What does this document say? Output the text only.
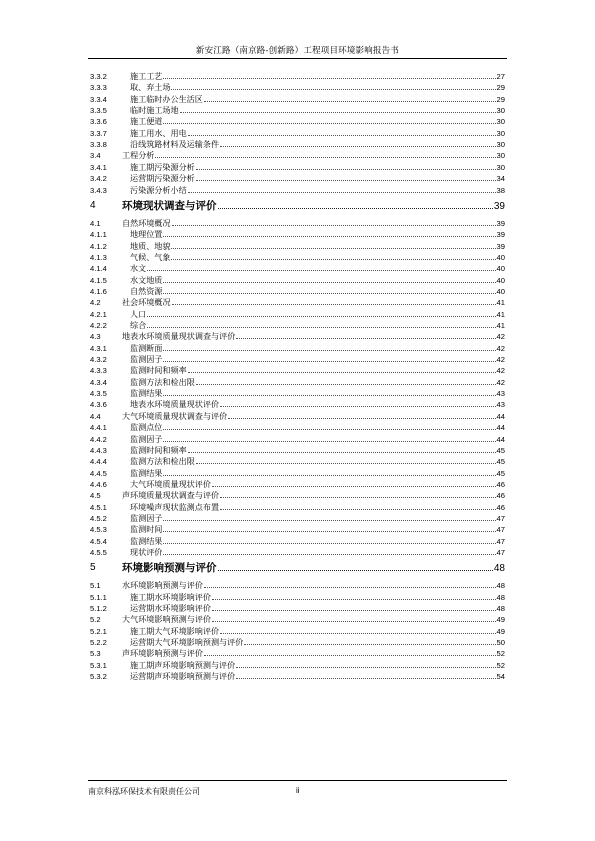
新安江路（南京路-创新路）工程项目环境影响报告书
3.3.2	施工工艺	27
3.3.3	取、弃土场	29
3.3.4	施工临时办公生活区	29
3.3.5	临时施工场地	30
3.3.6	施工便道	30
3.3.7	施工用水、用电	30
3.3.8	沿线筑路材料及运输条件	30
3.4	工程分析	30
3.4.1	施工期污染源分析	30
3.4.2	运营期污染源分析	34
3.4.3	污染源分析小结	38
4	环境现状调查与评价	39
4.1	自然环境概况	39
4.1.1	地理位置	39
4.1.2	地质、地貌	39
4.1.3	气候、气象	40
4.1.4	水文	40
4.1.5	水文地质	40
4.1.6	自然资源	40
4.2	社会环境概况	41
4.2.1	人口	41
4.2.2	综合	41
4.3	地表水环境质量现状调查与评价	42
4.3.1	监测断面	42
4.3.2	监测因子	42
4.3.3	监测时间和频率	42
4.3.4	监测方法和检出限	42
4.3.5	监测结果	43
4.3.6	地表水环境质量现状评价	43
4.4	大气环境质量现状调查与评价	44
4.4.1	监测点位	44
4.4.2	监测因子	44
4.4.3	监测时间和频率	45
4.4.4	监测方法和检出限	45
4.4.5	监测结果	45
4.4.6	大气环境质量现状评价	46
4.5	声环境质量现状调查与评价	46
4.5.1	环境噪声现状监测点布置	46
4.5.2	监测因子	47
4.5.3	监测时间	47
4.5.4	监测结果	47
4.5.5	现状评价	47
5	环境影响预测与评价	48
5.1	水环境影响预测与评价	48
5.1.1	施工期水环境影响评价	48
5.1.2	运营期水环境影响评价	48
5.2	大气环境影响预测与评价	49
5.2.1	施工期大气环境影响评价	49
5.2.2	运营期大气环境影响预测与评价	50
5.3	声环境影响预测与评价	52
5.3.1	施工期声环境影响预测与评价	52
5.3.2	运营期声环境影响预测与评价	54
南京科泓环保技术有限责任公司	ii
